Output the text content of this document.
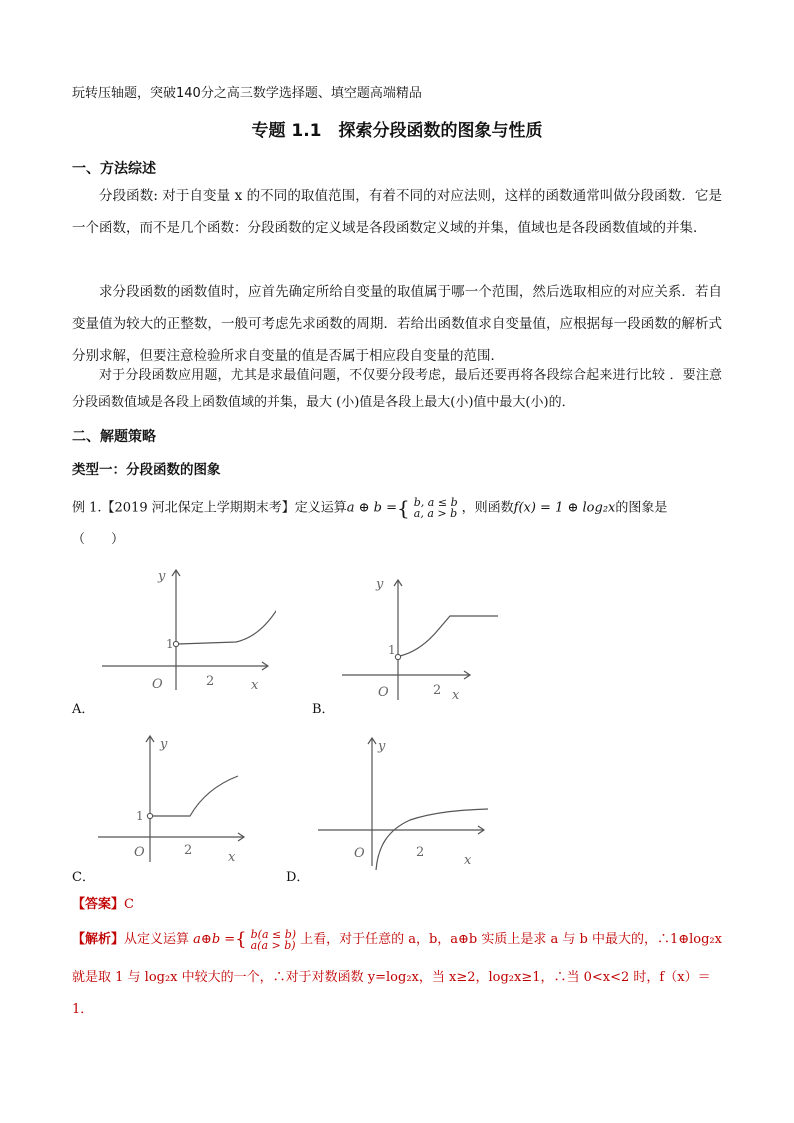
玩转压轴题，突破140分之高三数学选择题、填空题高端精品
专题 1.1　探索分段函数的图象与性质
一、方法综述
分段函数: 对于自变量 x 的不同的取值范围，有着不同的对应法则，这样的函数通常叫做分段函数．它是一个函数，而不是几个函数：分段函数的定义域是各段函数定义域的并集，值域也是各段函数值域的并集．
求分段函数的函数值时，应首先确定所给自变量的取值属于哪一个范围，然后选取相应的对应关系．若自变量值为较大的正整数，一般可考虑先求函数的周期．若给出函数值求自变量值，应根据每一段函数的解析式分别求解，但要注意检验所求自变量的值是否属于相应段自变量的范围．
对于分段函数应用题，尤其是求最值问题，不仅要分段考虑，最后还要再将各段综合起来进行比较 ．要注意分段函数值域是各段上函数值域的并集，最大 (小)值是各段上最大(小)值中最大(小)的．
二、解题策略
类型一：分段函数的图象
例 1.【2019 河北保定上学期期末考】定义运算a ⊕ b ={ b, a ≤ b
a, a > b ，则函数f(x) = 1 ⊕ log₂x的图象是
（　　）
y
1
O	2	x
A．
y
1
O	2 x
B．
y
1
O	2	x
C．
y
O	2
x
D．
【答案】C
【解析】从定义运算 a⊕b ={ b(a ≤ b)
a(a > b) 上看，对于任意的 a，b，a⊕b 实质上是求 a 与 b 中最大的，∴1⊕log₂x
就是取 1 与 log₂x 中较大的一个，∴对于对数函数 y=log₂x，当 x≥2，log₂x≥1，∴当 0<x<2 时，f（x）＝
1．
